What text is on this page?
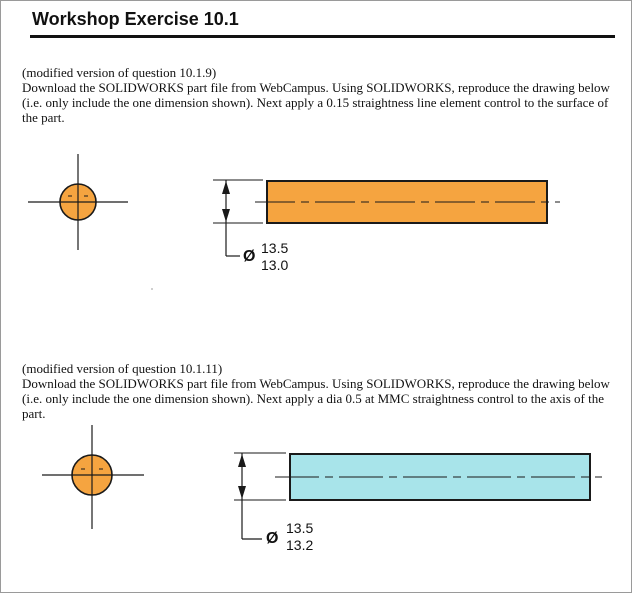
Workshop Exercise 10.1
(modified version of question 10.1.9)

Download the SOLIDWORKS part file from WebCampus. Using SOLIDWORKS, reproduce the drawing below (i.e. only include the one dimension shown). Next apply a 0.15 straightness line element control to the surface of the part.

Ø 13.5
13.0
(modified version of question 10.1.11)

Download the SOLIDWORKS part file from WebCampus. Using SOLIDWORKS, reproduce the drawing below (i.e. only include the one dimension shown). Next apply a dia 0.5 at MMC straightness control to the axis of the part.

Ø
13.5
13.2
